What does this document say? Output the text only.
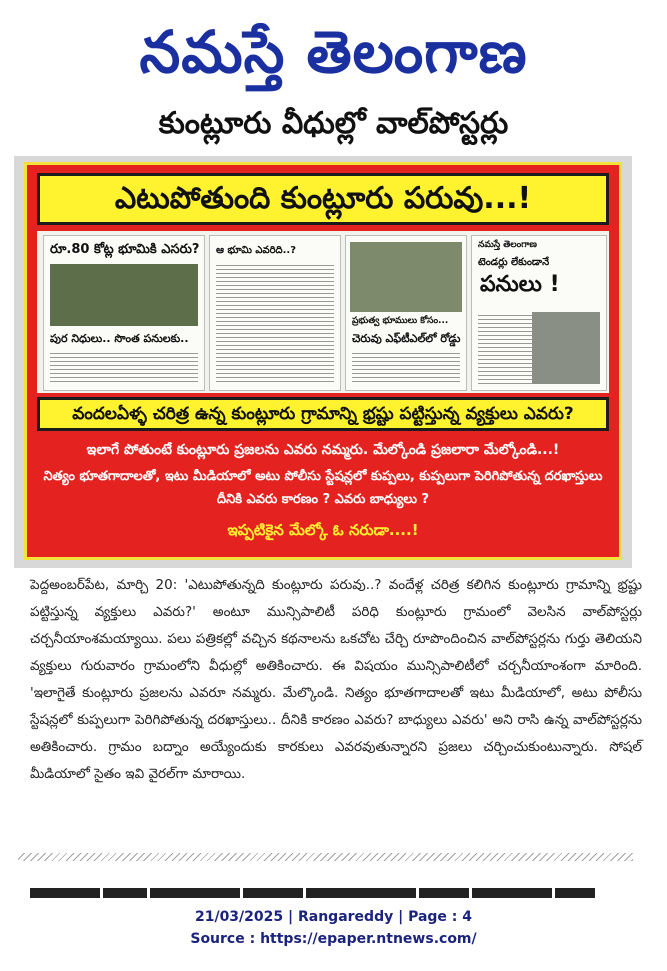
నమస్తే తెలంగాణ
కుంట్లూరు వీధుల్లో వాల్‌పోస్టర్లు
ఎటుపోతుంది కుంట్లూరు పరువు...!
రూ.80 కోట్ల భూమికి ఎసరు?
పుర నిధులు.. సొంత పనులకు..
ఆ భూమి ఎవరిది..?
ప్రభుత్వ భూములు కోసం...
చెరువు ఎఫ్‌టీఎల్‌లో రోడ్డు
నమస్తే తెలంగాణ
టెండర్లు లేకుండానే
పనులు !
వందలఏళ్ళ చరిత్ర ఉన్న కుంట్లూరు గ్రామాన్ని భ్రష్టు పట్టిస్తున్న వ్యక్తులు ఎవరు?
ఇలాగే పోతుంటే కుంట్లూరు ప్రజలను ఎవరు నమ్మరు. మేల్కోండి ప్రజలారా మేల్కోండి...!
నిత్యం భూతగాదాలతో, ఇటు మీడియాలో అటు పోలీసు స్టేషన్లలో కుప్పలు, కుప్పలుగా పెరిగిపోతున్న దరఖాస్తులు దీనికి ఎవరు కారణం ? ఎవరు బాధ్యులు ?
ఇప్పటికైన మేల్కో ఓ నరుడా....!
పెద్దఅంబర్‌పేట, మార్చి 20: 'ఎటుపోతున్నది కుంట్లూరు పరువు..? వందేళ్ల చరిత్ర కలిగిన కుంట్లూరు గ్రామాన్ని భ్రష్టు పట్టిస్తున్న వ్యక్తులు ఎవరు?' అంటూ మున్సిపాలిటీ పరిధి కుంట్లూరు గ్రామంలో వెలసిన వాల్‌పోస్టర్లు చర్చనీయాంశమయ్యాయి. పలు పత్రికల్లో వచ్చిన కథనాలను ఒకచోట చేర్చి రూపొందించిన వాల్‌పోస్టర్లను గుర్తు తెలియని వ్యక్తులు గురువారం గ్రామంలోని వీధుల్లో అతికించారు. ఈ విషయం మున్సిపాలిటీలో చర్చనీయాంశంగా మారింది. 'ఇలాగైతే కుంట్లూరు ప్రజలను ఎవరూ నమ్మరు. మేల్కొండి. నిత్యం భూతగాదాలతో ఇటు మీడియాలో, అటు పోలీసు స్టేషన్లలో కుప్పలుగా పెరిగిపోతున్న దరఖాస్తులు.. దీనికి కారణం ఎవరు? బాధ్యులు ఎవరు' అని రాసి ఉన్న వాల్‌పోస్టర్లను అతికించారు. గ్రామం బద్నాం అయ్యేందుకు కారకులు ఎవరవుతున్నారని ప్రజలు చర్చించుకుంటున్నారు. సోషల్ మీడియాలో సైతం ఇవి వైరల్‌గా మారాయి.
21/03/2025 | Rangareddy | Page : 4
Source : https://epaper.ntnews.com/
